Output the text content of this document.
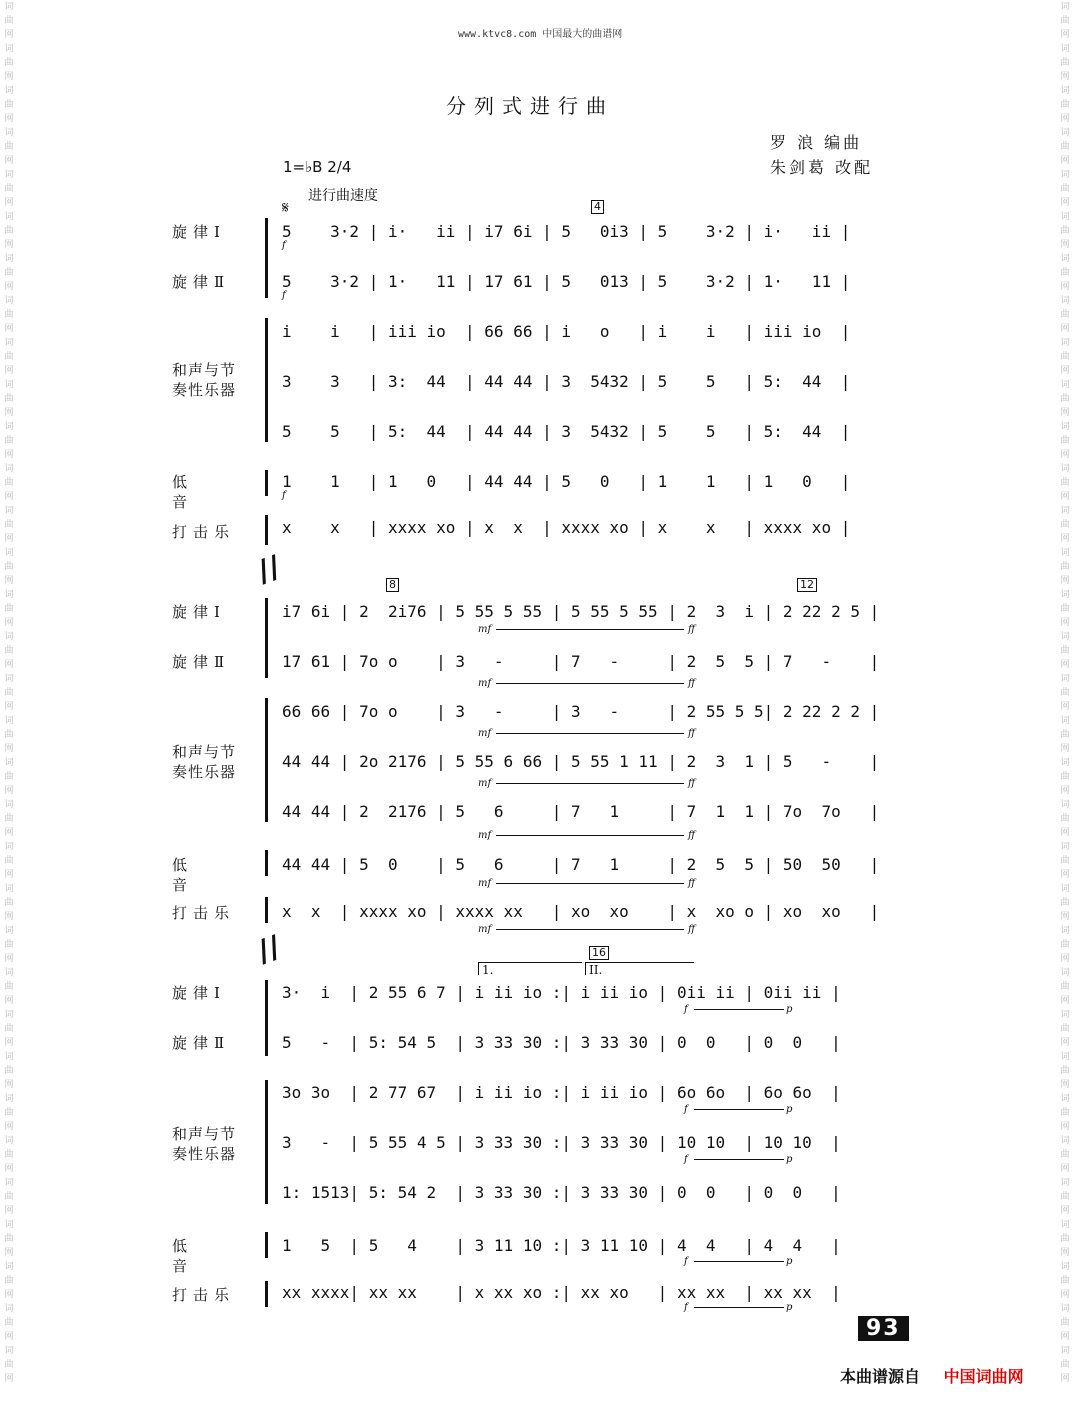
词
曲
网
词
曲
网
词
曲
网
词
曲
网
词
曲
网
词
曲
网
词
曲
网
词
曲
网
词
曲
网
词
曲
网
词
曲
网
词
曲
网
词
曲
网
词
曲
网
词
曲
网
词
曲
网
词
曲
网
词
曲
网
词
曲
网
词
曲
网
词
曲
网
词
曲
网
词
曲
网
词
曲
网
词
曲
网
词
曲
网
词
曲
网
词
曲
网
词
曲
网
词
曲
网
词
曲
网
词
曲
网
词
曲
网
词
曲
网
词
曲
网
词
曲
网
词
曲
网
词
曲
网
词
曲
网
词
曲
网
词
曲
网
词
曲
网
词
曲
网
词
曲
网
词
曲
网
词
曲
网
词
曲
网
词
曲
网
词
曲
网
词
曲
网
词
曲
网
词
曲
网
词
曲
网
词
曲
网
词
曲
网
词
曲
网
词
曲
网
词
曲
网
词
曲
网
词
曲
网
词
曲
网
词
曲
网
词
曲
网
词
曲
网
词
曲
网
词
曲
网
www.ktvc8.com 中国最大的曲谱网
分列式进行曲
罗 浪 编曲
朱剑葛 改配
1=♭B 2/4
进行曲速度
𝄋	4
旋律Ⅰ
旋律Ⅱ
和声与节
奏性乐器
低音
打击乐
5    3·2 | i·   ii | i7 6i | 5   0i3 | 5    3·2 | i·   ii |
5    3·2 | 1·   11 | 17 61 | 5   013 | 5    3·2 | 1·   11 |
i    i   | iii io  | 66 66 | i   o   | i    i   | iii io  |
3    3   | 3:  44  | 44 44 | 3  5432 | 5    5   | 5:  44  |
5    5   | 5:  44  | 44 44 | 3  5432 | 5    5   | 5:  44  |
1    1   | 1   0   | 44 44 | 5   0   | 1    1   | 1   0   |
x    x   | xxxx xo | x  x  | xxxx xo | x    x   | xxxx xo |
f
f
f
//	8	12
旋律Ⅰ
旋律Ⅱ
和声与节
奏性乐器
低音
打击乐
i7 6i | 2  2i76 | 5 55 5 55 | 5 55 5 55 | 2  3  i | 2 22 2 5 |
17 61 | 7o o    | 3   -     | 7   -     | 2  5  5 | 7   -    |
66 66 | 7o o    | 3   -     | 3   -     | 2 55 5 5| 2 22 2 2 |
44 44 | 2o 2176 | 5 55 6 66 | 5 55 1 11 | 2  3  1 | 5   -    |
44 44 | 2  2176 | 5   6     | 7   1     | 7  1  1 | 7o  7o   |
44 44 | 5  0    | 5   6     | 7   1     | 2  5  5 | 50  50   |
x  x  | xxxx xo | xxxx xx   | xo  xo    | x  xo o | xo  xo   |
mf	ff
mf	ff
mf	ff
mf	ff
mf	ff
mf	ff
mf	ff
//	16
1.	II.
旋律Ⅰ
旋律Ⅱ
和声与节
奏性乐器
低音
打击乐
3·  i  | 2 55 6 7 | i ii io :| i ii io | 0ii ii | 0ii ii |
5   -  | 5: 54 5  | 3 33 30 :| 3 33 30 | 0  0   | 0  0   |
3o 3o  | 2 77 67  | i ii io :| i ii io | 6o 6o  | 6o 6o  |
3   -  | 5 55 4 5 | 3 33 30 :| 3 33 30 | 10 10  | 10 10  |
1: 1513| 5: 54 2  | 3 33 30 :| 3 33 30 | 0  0   | 0  0   |
1   5  | 5   4    | 3 11 10 :| 3 11 10 | 4  4   | 4  4   |
xx xxxx| xx xx    | x xx xo :| xx xo   | xx xx  | xx xx  |
f	p
f	p
f	p
f	p
f	p
93
本曲谱源自 中国词曲网
